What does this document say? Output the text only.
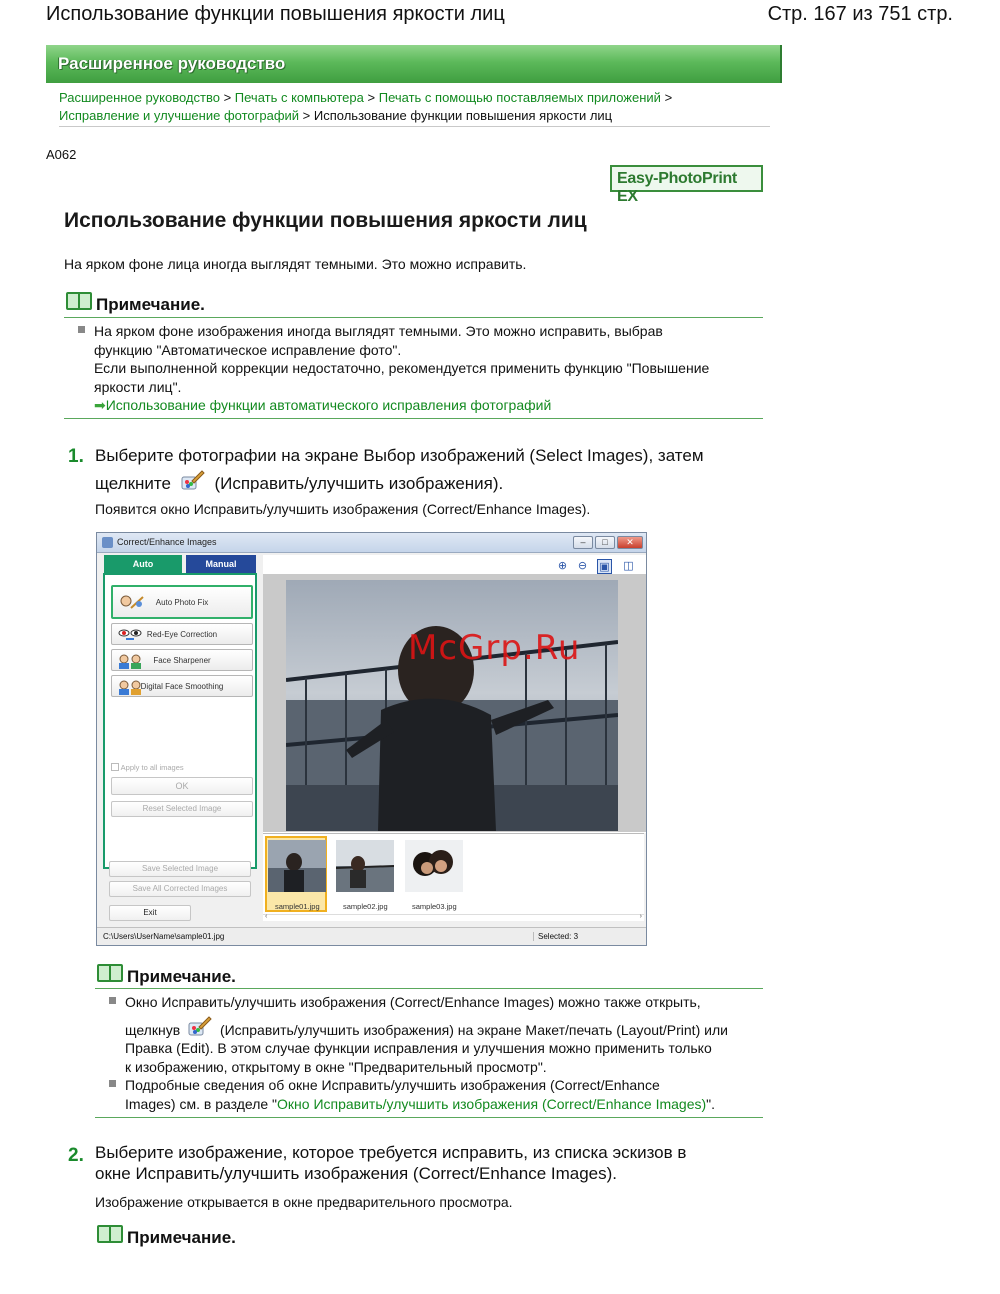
Использование функции повышения яркости лиц	Стр. 167 из 751 стр.
Расширенное руководство
Расширенное руководство > Печать с компьютера > Печать с помощью поставляемых приложений >
Исправление и улучшение фотографий > Использование функции повышения яркости лиц
A062
Easy-PhotoPrint EX
Использование функции повышения яркости лиц
На ярком фоне лица иногда выглядят темными. Это можно исправить.
Примечание.
На ярком фоне изображения иногда выглядят темными. Это можно исправить, выбрав
функцию "Автоматическое исправление фото".
Если выполненной коррекции недостаточно, рекомендуется применить функцию "Повышение
яркости лиц".
➡Использование функции автоматического исправления фотографий
1. Выберите фотографии на экране Выбор изображений (Select Images), затем
щелкните	(Исправить/улучшить изображения).
Появится окно Исправить/улучшить изображения (Correct/Enhance Images).
Correct/Enhance Images	–	□	✕
Auto	Manual
Auto Photo Fix
Red-Eye Correction
Face Sharpener
Digital Face Smoothing
Apply to all images
OK
Reset Selected Image
Save Selected Image
Save All Corrected Images
Exit
⊕ ⊖ ▣ ◫
sample01.jpg	sample02.jpg	sample03.jpg
‹	›
C:\Users\UserName\sample01.jpg	Selected: 3
McGrp.Ru
Примечание.
Окно Исправить/улучшить изображения (Correct/Enhance Images) можно также открыть,
щелкнув	(Исправить/улучшить изображения) на экране Макет/печать (Layout/Print) или
Правка (Edit). В этом случае функции исправления и улучшения можно применить только
к изображению, открытому в окне "Предварительный просмотр".
Подробные сведения об окне Исправить/улучшить изображения (Correct/Enhance
Images) см. в разделе "Окно Исправить/улучшить изображения (Correct/Enhance Images)".
2. Выберите изображение, которое требуется исправить, из списка эскизов в
окне Исправить/улучшить изображения (Correct/Enhance Images).
Изображение открывается в окне предварительного просмотра.
Примечание.
